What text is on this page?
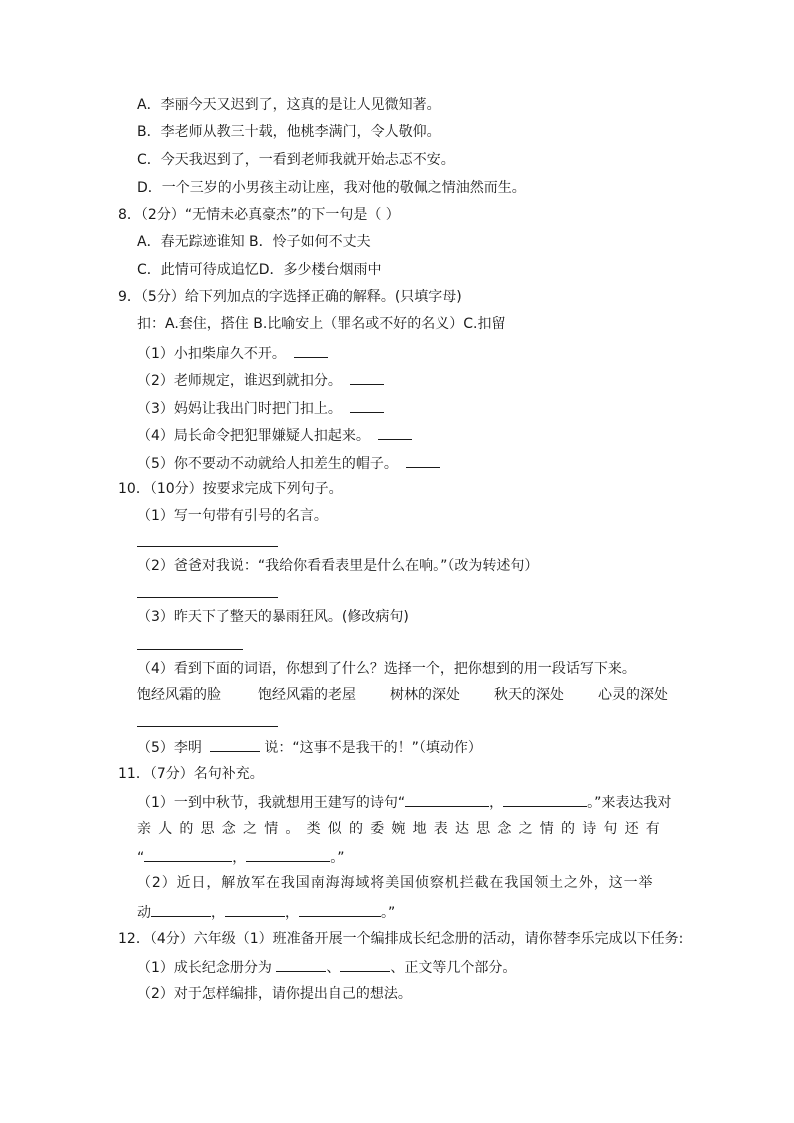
A．李丽今天又迟到了，这真的是让人见微知著。
B．李老师从教三十载，他桃李满门，令人敬仰。
C．今天我迟到了，一看到老师我就开始忐忑不安。
D．一个三岁的小男孩主动让座，我对他的敬佩之情油然而生。
8．（2分）“无情未必真豪杰”的下一句是（ ）
A．春无踪迹谁知 B．怜子如何不丈夫
C．此情可待成追忆D．多少楼台烟雨中
9．（5分）给下列加点的字选择正确的解释。(只填字母)
扣：A.套住，搭住 B.比喻安上（罪名或不好的名义）C.扣留
（1）小扣柴扉久不开。
（2）老师规定，谁迟到就扣分。
（3）妈妈让我出门时把门扣上。
（4）局长命令把犯罪嫌疑人扣起来。
（5）你不要动不动就给人扣差生的帽子。
10．（10分）按要求完成下列句子。
（1）写一句带有引号的名言。
（2）爸爸对我说：“我给你看看表里是什么在响。”（改为转述句）
（3）昨天下了整天的暴雨狂风。(修改病句)
（4）看到下面的词语，你想到了什么？选择一个，把你想到的用一段话写下来。
饱经风霜的脸	饱经风霜的老屋 树林的深处 秋天的深处 心灵的深处
（5）李明	说：“这事不是我干的！”（填动作）
11．（7分）名句补充。
（1）一到中秋节，我就想用王建写的诗句“	，	。”来表达我对
亲人的思念之情。类似的委婉地表达思念之情的诗句还有
“	，	。”
（2）近日，解放军在我国南海海域将美国侦察机拦截在我国领土之外，这一举
动	，	，	。”
12．（4分）六年级（1）班准备开展一个编排成长纪念册的活动，请你替李乐完成以下任务:
（1）成长纪念册分为	、	、正文等几个部分。
（2）对于怎样编排，请你提出自己的想法。
